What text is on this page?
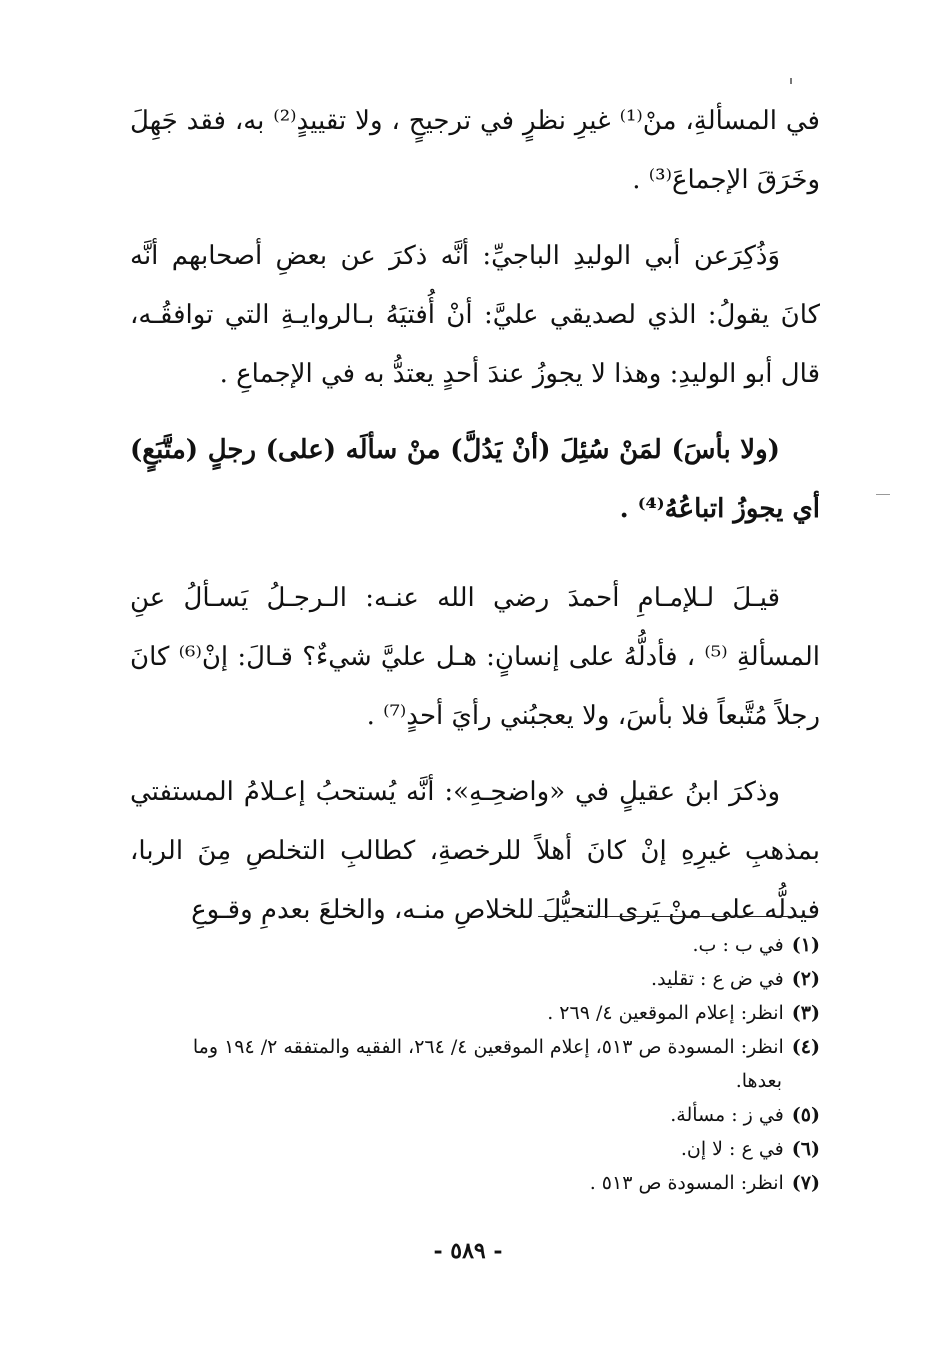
في المسألةِ، منْ⁽¹⁾ غيرِ نظرٍ في ترجيحٍ ، ولا تقييدٍ⁽²⁾ به، فقد جَهِلَ وخَرَقَ الإجماعَ⁽³⁾ .

وَذُكِرَعن أبي الوليدِ الباجيِّ: أنَّه ذكرَ عن بعضِ أصحابهم أنَّه كانَ يقولُ: الذي لصديقي عليَّ: أنْ أُفتيَهُ بـالروايـةِ التي توافقُـه، قال أبو الوليدِ: وهذا لا يجوزُ عندَ أحدٍ يعتدُّ به في الإجماعِ .

(ولا بأسَ) لمَنْ سُئِلَ (أنْ يَدُلَّ) منْ سألَه (على) رجلٍ (متَّبَعٍ) أي يجوزُ اتباعُهُ⁽⁴⁾ .

قيـلَ لـلإمـامِ أحمدَ رضي الله عنـه: الـرجـلُ يَسـألُ عنِ المسألةِ ⁽⁵⁾ ، فأدلُّهُ على إنسانٍ: هـل عليَّ شيءٌ؟ قـالَ: إنْ⁽⁶⁾ كانَ رجلاً مُتَّبعاً فلا بأسَ، ولا يعجبُني رأيَ أحدٍ⁽⁷⁾ .

وذكرَ ابنُ عقيلٍ في «واضحِـهِ»: أنَّه يُستحبُ إعـلامُ المستفتي بمذهبِ غيرِهِ إنْ كانَ أهلاً للرخصةِ، كطالبِ التخلصِ مِنَ الربا، فيدلُّه على منْ يَرى التحيُّلَ للخلاصِ منـه، والخلعَ بعدمِ وقـوعِ

(١)في ب : ب.

(٢)في ض ع : تقليد.

(٣)انظر: إعلام الموقعين ٤/ ٢٦٩ .

(٤)انظر: المسودة ص ٥١٣، إعلام الموقعين ٤/ ٢٦٤، الفقيه والمتفقه ٢/ ١٩٤ وما
بعدها.

(٥)في ز : مسألة.

(٦)في ع : لا إن.

(٧)انظر: المسودة ص ٥١٣ .

- ٥٨٩ -
